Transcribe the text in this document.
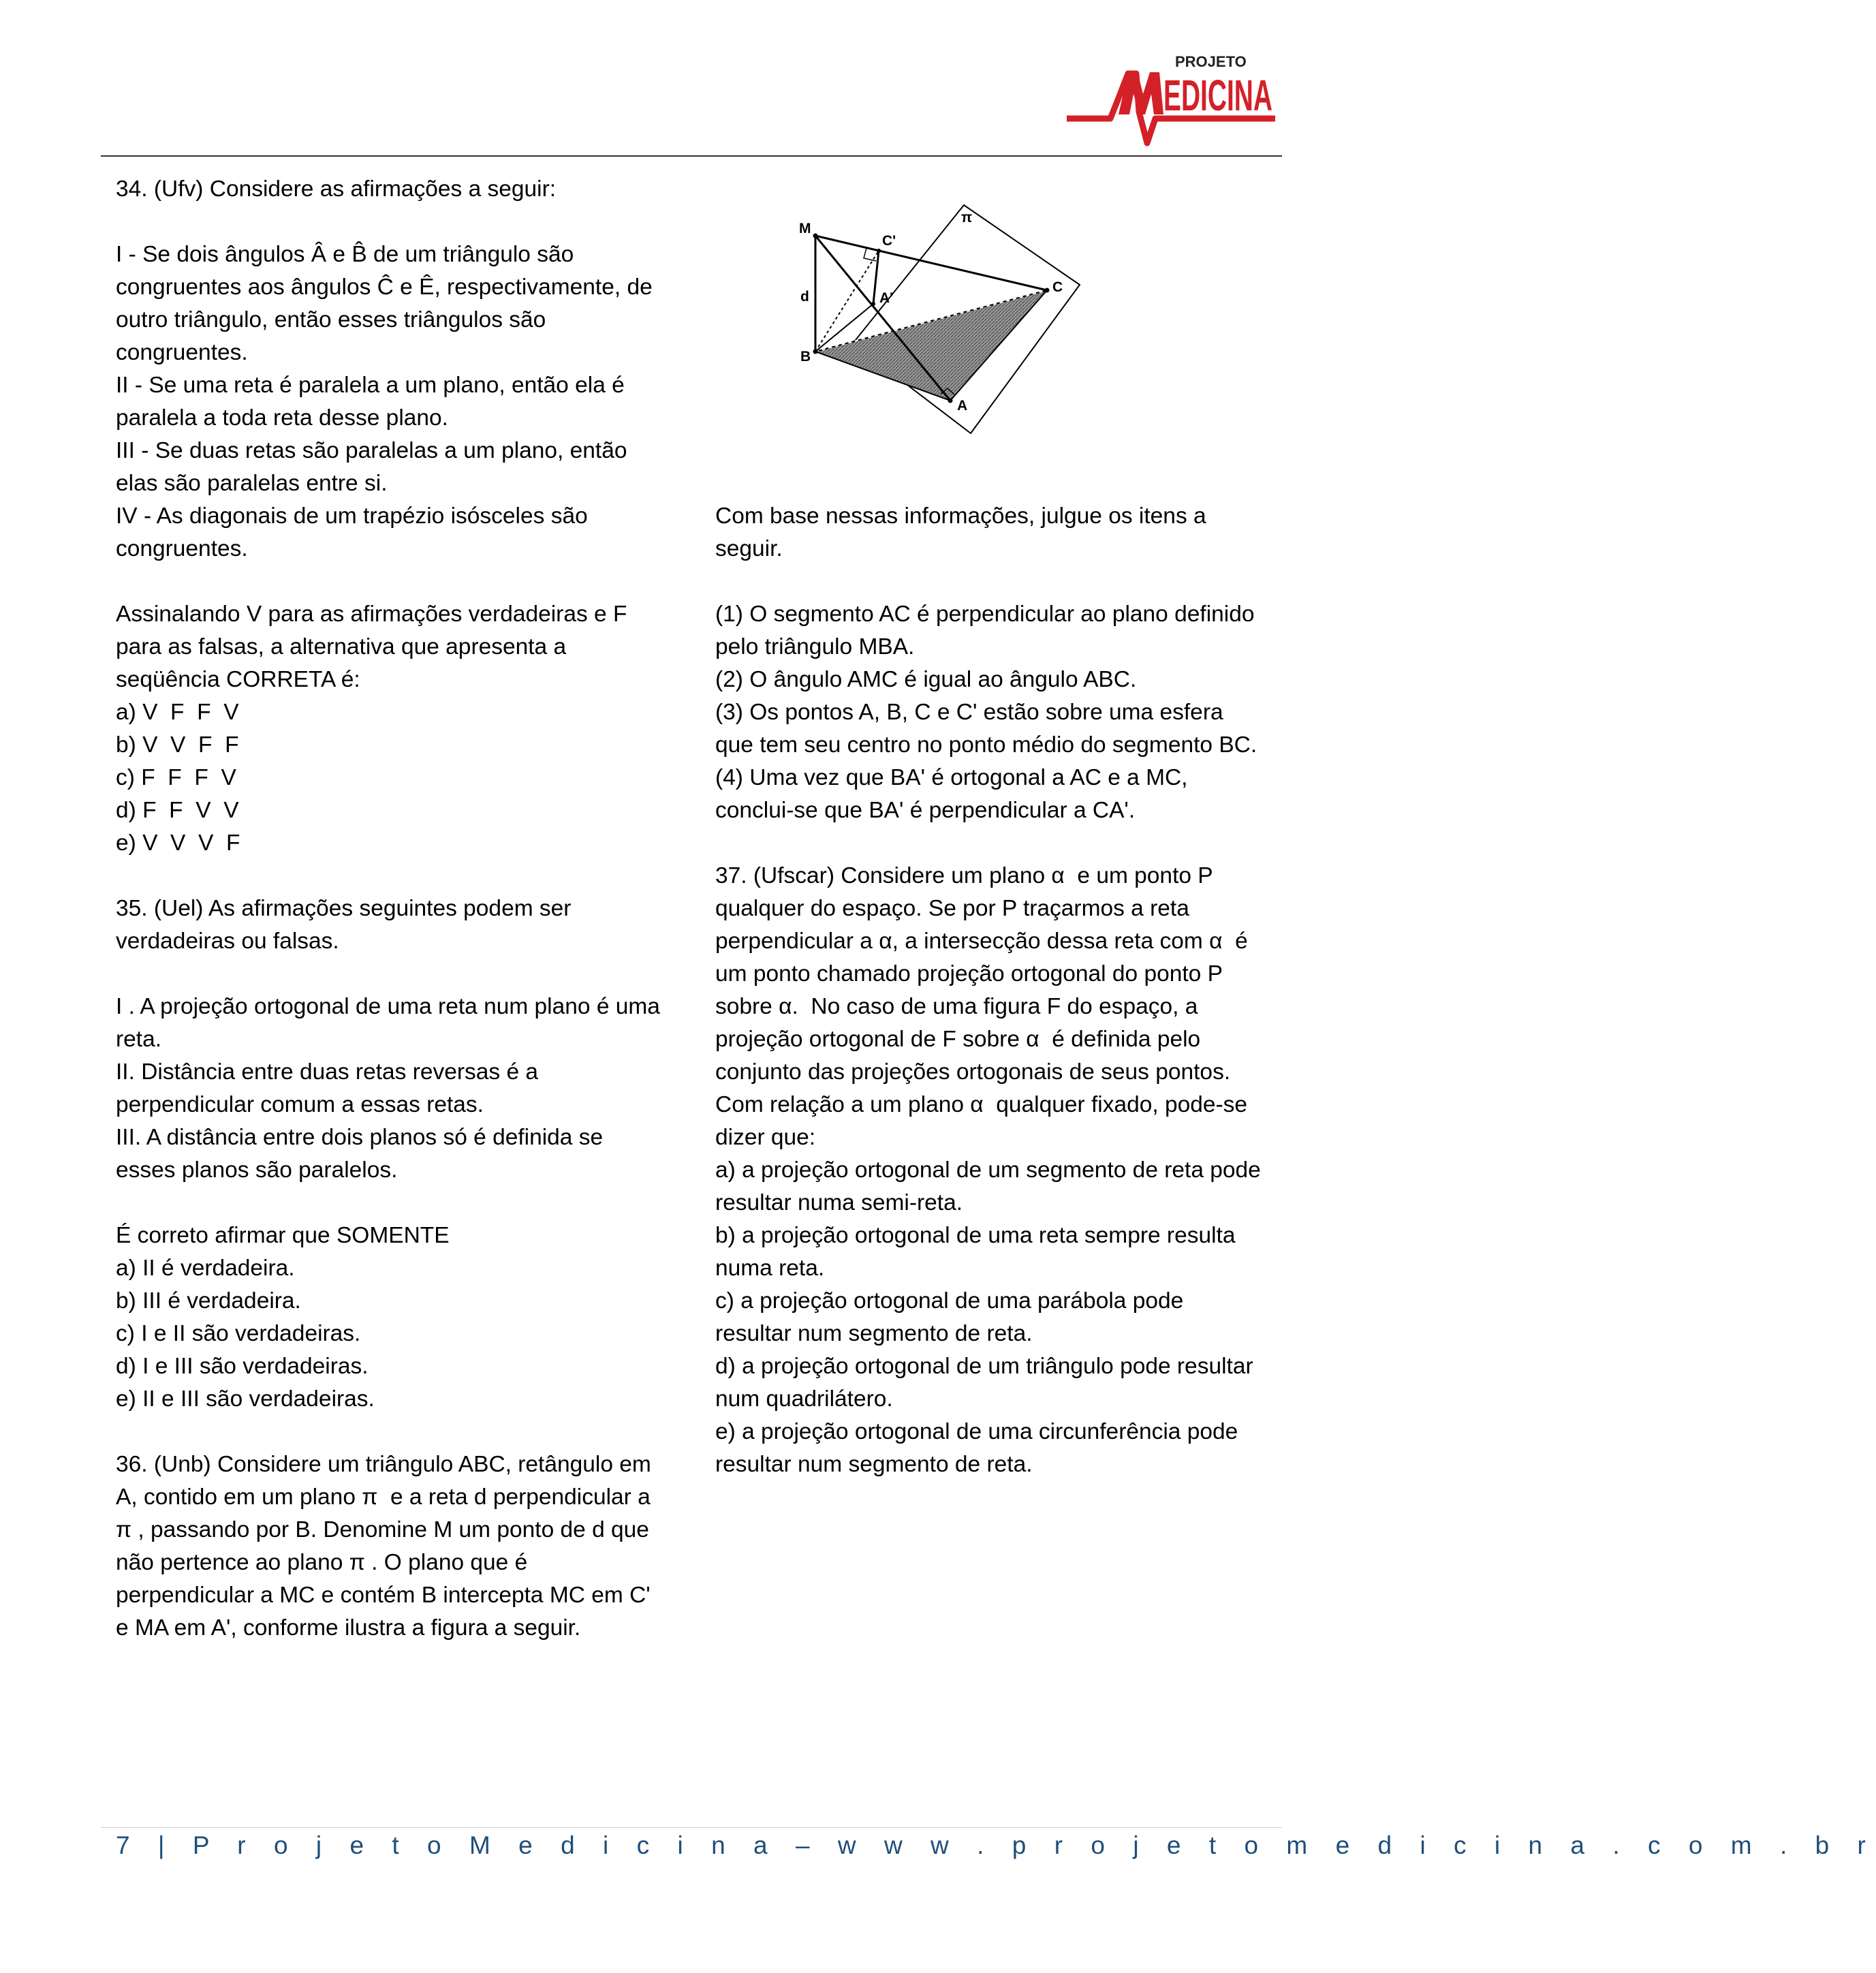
PROJETO
EDICINA

34. (Ufv) Considere as afirmações a seguir:

I - Se dois ângulos Â e B̂ de um triângulo são

congruentes aos ângulos Ĉ e Ê, respectivamente, de

outro triângulo, então esses triângulos são

congruentes.

II - Se uma reta é paralela a um plano, então ela é

paralela a toda reta desse plano.

III - Se duas retas são paralelas a um plano, então

elas são paralelas entre si.

IV - As diagonais de um trapézio isósceles são

congruentes.

Assinalando V para as afirmações verdadeiras e F

para as falsas, a alternativa que apresenta a

seqüência CORRETA é:

a) V  F  F  V

b) V  V  F  F

c) F  F  F  V

d) F  F  V  V

e) V  V  V  F

35. (Uel) As afirmações seguintes podem ser

verdadeiras ou falsas.

I . A projeção ortogonal de uma reta num plano é uma

reta.

II. Distância entre duas retas reversas é a

perpendicular comum a essas retas.

III. A distância entre dois planos só é definida se

esses planos são paralelos.

É correto afirmar que SOMENTE

a) II é verdadeira.

b) III é verdadeira.

c) I e II são verdadeiras.

d) I e III são verdadeiras.

e) II e III são verdadeiras.

36. (Unb) Considere um triângulo ABC, retângulo em

A, contido em um plano π  e a reta d perpendicular a

π , passando por B. Denomine M um ponto de d que

não pertence ao plano π . O plano que é

perpendicular a MC e contém B intercepta MC em C'

e MA em A', conforme ilustra a figura a seguir.

π
M
C'
d	A'
C
B
A

Com base nessas informações, julgue os itens a

seguir.

(1) O segmento AC é perpendicular ao plano definido

pelo triângulo MBA.

(2) O ângulo AMC é igual ao ângulo ABC.

(3) Os pontos A, B, C e C' estão sobre uma esfera

que tem seu centro no ponto médio do segmento BC.

(4) Uma vez que BA' é ortogonal a AC e a MC,

conclui-se que BA' é perpendicular a CA'.

37. (Ufscar) Considere um plano α  e um ponto P

qualquer do espaço. Se por P traçarmos a reta

perpendicular a α, a intersecção dessa reta com α  é

um ponto chamado projeção ortogonal do ponto P

sobre α.  No caso de uma figura F do espaço, a

projeção ortogonal de F sobre α  é definida pelo

conjunto das projeções ortogonais de seus pontos.

Com relação a um plano α  qualquer fixado, pode-se

dizer que:

a) a projeção ortogonal de um segmento de reta pode

resultar numa semi-reta.

b) a projeção ortogonal de uma reta sempre resulta

numa reta.

c) a projeção ortogonal de uma parábola pode

resultar num segmento de reta.

d) a projeção ortogonal de um triângulo pode resultar

num quadrilátero.

e) a projeção ortogonal de uma circunferência pode

resultar num segmento de reta.

7 | P r o j e t o M e d i c i n a – w w w . p r o j e t o m e d i c i n a . c o m . b r
